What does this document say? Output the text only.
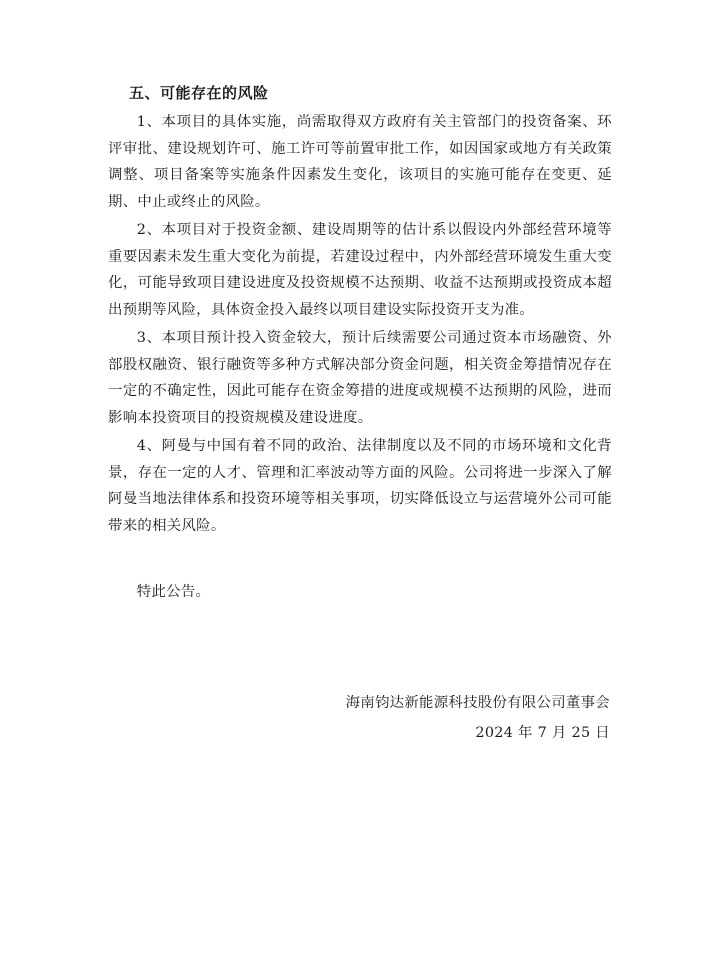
五、可能存在的风险

1、本项目的具体实施，尚需取得双方政府有关主管部门的投资备案、环评审批、建设规划许可、施工许可等前置审批工作，如因国家或地方有关政策调整、项目备案等实施条件因素发生变化，该项目的实施可能存在变更、延期、中止或终止的风险。

2、本项目对于投资金额、建设周期等的估计系以假设内外部经营环境等重要因素未发生重大变化为前提，若建设过程中，内外部经营环境发生重大变化，可能导致项目建设进度及投资规模不达预期、收益不达预期或投资成本超出预期等风险，具体资金投入最终以项目建设实际投资开支为准。

3、本项目预计投入资金较大，预计后续需要公司通过资本市场融资、外部股权融资、银行融资等多种方式解决部分资金问题，相关资金筹措情况存在一定的不确定性，因此可能存在资金筹措的进度或规模不达预期的风险，进而影响本投资项目的投资规模及建设进度。

4、阿曼与中国有着不同的政治、法律制度以及不同的市场环境和文化背景，存在一定的人才、管理和汇率波动等方面的风险。公司将进一步深入了解阿曼当地法律体系和投资环境等相关事项，切实降低设立与运营境外公司可能带来的相关风险。

特此公告。

海南钧达新能源科技股份有限公司董事会
2024 年 7 月 25 日
